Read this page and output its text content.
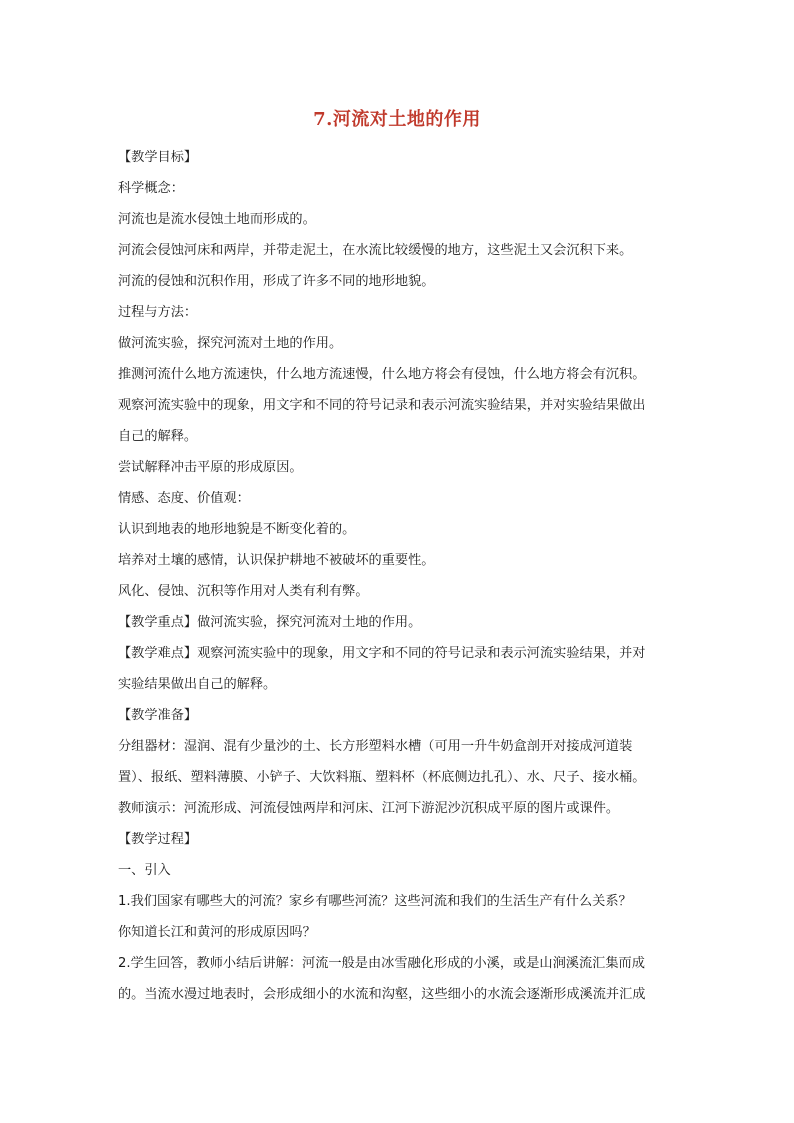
7.河流对土地的作用
【教学目标】
科学概念：
河流也是流水侵蚀土地而形成的。
河流会侵蚀河床和两岸，并带走泥土，在水流比较缓慢的地方，这些泥土又会沉积下来。
河流的侵蚀和沉积作用，形成了许多不同的地形地貌。
过程与方法：
做河流实验，探究河流对土地的作用。
推测河流什么地方流速快，什么地方流速慢，什么地方将会有侵蚀，什么地方将会有沉积。
观察河流实验中的现象，用文字和不同的符号记录和表示河流实验结果，并对实验结果做出
自己的解释。
尝试解释冲击平原的形成原因。
情感、态度、价值观：
认识到地表的地形地貌是不断变化着的。
培养对土壤的感情，认识保护耕地不被破坏的重要性。
风化、侵蚀、沉积等作用对人类有利有弊。
【教学重点】做河流实验，探究河流对土地的作用。
【教学难点】观察河流实验中的现象，用文字和不同的符号记录和表示河流实验结果，并对
实验结果做出自己的解释。
【教学准备】
分组器材：湿润、混有少量沙的土、长方形塑料水槽（可用一升牛奶盒剖开对接成河道装
置）、报纸、塑料薄膜、小铲子、大饮料瓶、塑料杯（杯底侧边扎孔）、水、尺子、接水桶。
教师演示：河流形成、河流侵蚀两岸和河床、江河下游泥沙沉积成平原的图片或课件。
【教学过程】
一、引入
1.我们国家有哪些大的河流？家乡有哪些河流？这些河流和我们的生活生产有什么关系？
你知道长江和黄河的形成原因吗？
2.学生回答，教师小结后讲解：河流一般是由冰雪融化形成的小溪，或是山涧溪流汇集而成
的。当流水漫过地表时，会形成细小的水流和沟壑，这些细小的水流会逐渐形成溪流并汇成
